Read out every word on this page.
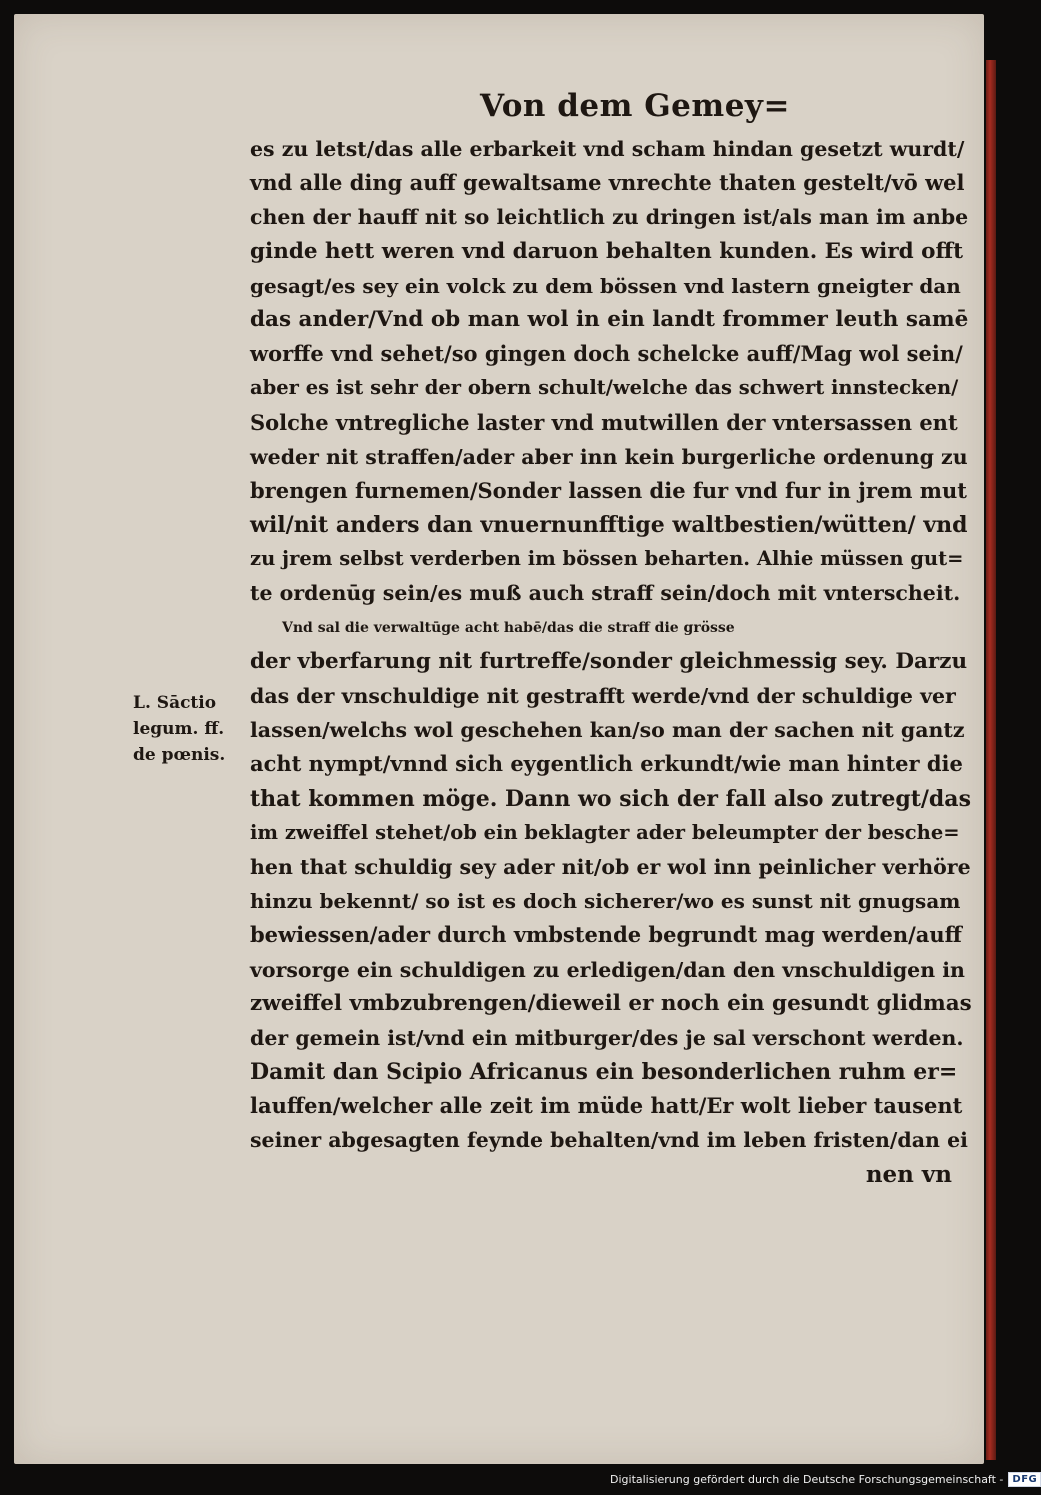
Von dem Gemey=
es zu letst/das alle erbarkeit vnd scham hindan gesetzt wurdt/
vnd alle ding auff gewaltsame vnrechte thaten gestelt/vō wel
chen der hauff nit so leichtlich zu dringen ist/als man im anbe
ginde hett weren vnd daruon behalten kunden. Es wird offt
gesagt/es sey ein volck zu dem bössen vnd lastern gneigter dan
das ander/Vnd ob man wol in ein landt frommer leuth samē
worffe vnd sehet/so gingen doch schelcke auff/Mag wol sein/
aber es ist sehr der obern schult/welche das schwert innstecken/
Solche vntregliche laster vnd mutwillen der vntersassen ent
weder nit straffen/ader aber inn kein burgerliche ordenung zu
brengen furnemen/Sonder lassen die fur vnd fur in jrem mut
wil/nit anders dan vnuernunfftige waltbestien/wütten/ vnd
zu jrem selbst verderben im bössen beharten. Alhie müssen gut=
te ordenūg sein/es muß auch straff sein/doch mit vnterscheit.
Vnd sal die verwaltūge acht habē/das die straff die grösse
der vberfarung nit furtreffe/sonder gleichmessig sey. Darzu
das der vnschuldige nit gestrafft werde/vnd der schuldige ver
lassen/welchs wol geschehen kan/so man der sachen nit gantz
acht nympt/vnnd sich eygentlich erkundt/wie man hinter die
that kommen möge. Dann wo sich der fall also zutregt/das
im zweiffel stehet/ob ein beklagter ader beleumpter der besche=
hen that schuldig sey ader nit/ob er wol inn peinlicher verhöre
hinzu bekennt/ so ist es doch sicherer/wo es sunst nit gnugsam
bewiessen/ader durch vmbstende begrundt mag werden/auff
vorsorge ein schuldigen zu erledigen/dan den vnschuldigen in
zweiffel vmbzubrengen/dieweil er noch ein gesundt glidmas
der gemein ist/vnd ein mitburger/des je sal verschont werden.
Damit dan Scipio Africanus ein besonderlichen ruhm er=
lauffen/welcher alle zeit im müde hatt/Er wolt lieber tausent
seiner abgesagten feynde behalten/vnd im leben fristen/dan ei
nen vn
L. Sāctio
legum. ff.
de pœnis.
Digitalisierung gefördert durch die Deutsche Forschungsgemeinschaft - DFG
